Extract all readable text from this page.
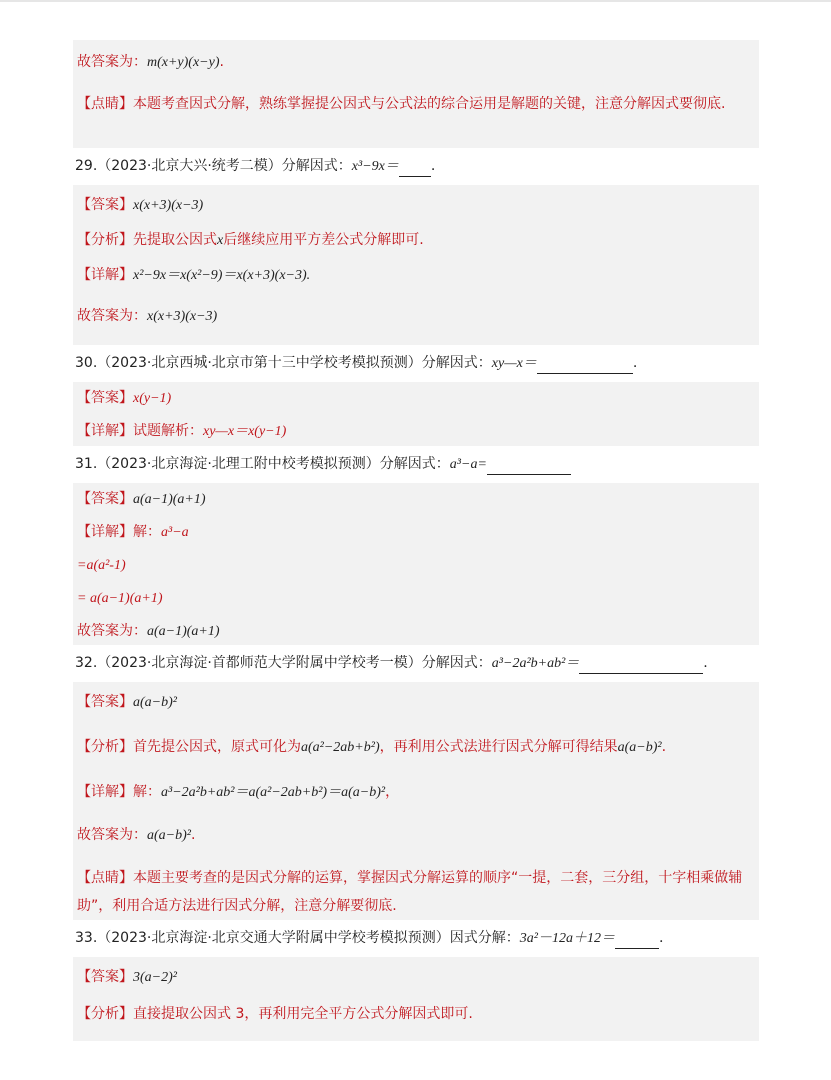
故答案为：m(x+y)(x−y).
【点睛】本题考查因式分解，熟练掌握提公因式与公式法的综合运用是解题的关键，注意分解因式要彻底.
29.（2023·北京大兴·统考二模）分解因式：x³−9x＝ .
【答案】x(x+3)(x−3)
【分析】先提取公因式x后继续应用平方差公式分解即可.
【详解】x²−9x＝x(x²−9)＝x(x+3)(x−3).
故答案为：x(x+3)(x−3)
30.（2023·北京西城·北京市第十三中学校考模拟预测）分解因式：xy—x＝	.
【答案】x(y−1)
【详解】试题解析：xy—x＝x(y−1)
31.（2023·北京海淀·北理工附中校考模拟预测）分解因式：a³−a=
【答案】a(a−1)(a+1)
【详解】解：a³−a
=a(a²-1)
= a(a−1)(a+1)
故答案为：a(a−1)(a+1)
32.（2023·北京海淀·首都师范大学附属中学校考一模）分解因式：a³−2a²b+ab²＝	.
【答案】a(a−b)²
【分析】首先提公因式，原式可化为a(a²−2ab+b²)，再利用公式法进行因式分解可得结果a(a−b)².
【详解】解：a³−2a²b+ab²＝a(a²−2ab+b²)＝a(a−b)²，
故答案为：a(a−b)².
【点睛】本题主要考查的是因式分解的运算，掌握因式分解运算的顺序“一提，二套，三分组，十字相乘做辅助”，利用合适方法进行因式分解，注意分解要彻底.
33.（2023·北京海淀·北京交通大学附属中学校考模拟预测）因式分解：3a²－12a＋12＝	.
【答案】3(a−2)²
【分析】直接提取公因式 3，再利用完全平方公式分解因式即可.
